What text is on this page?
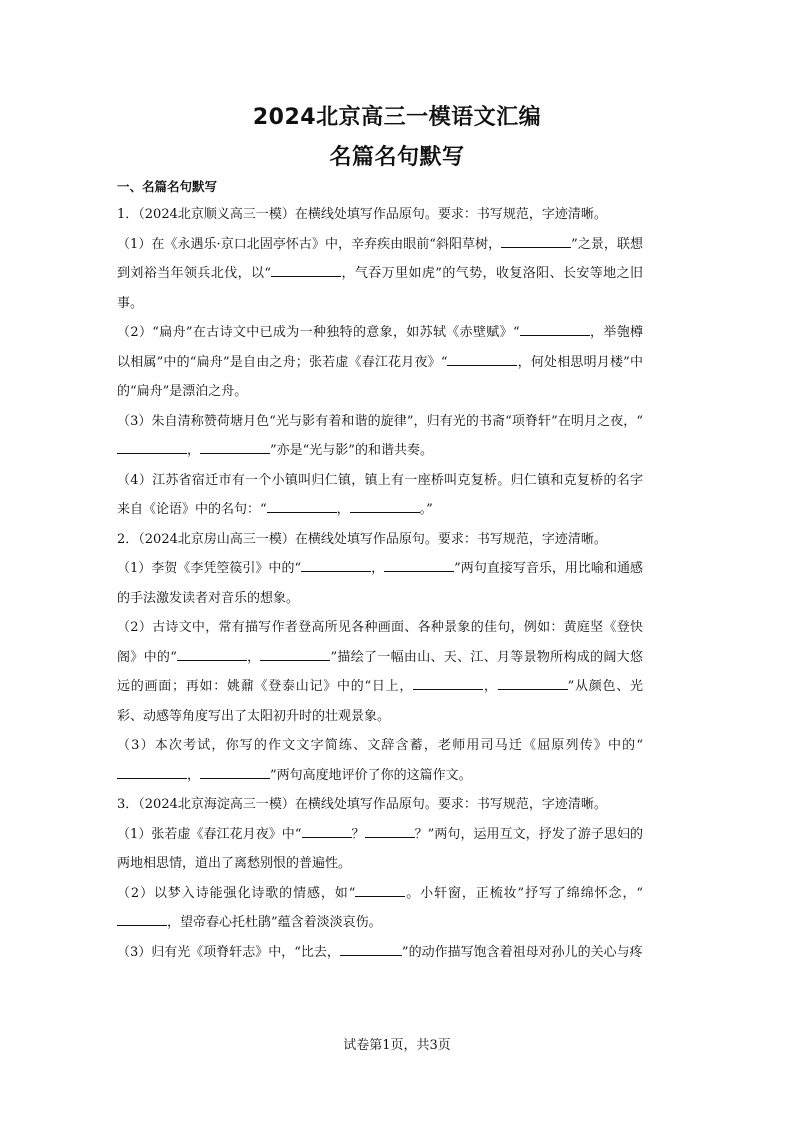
2024北京高三一模语文汇编
名篇名句默写
一、名篇名句默写

1．（2024北京顺义高三一模）在横线处填写作品原句。要求：书写规范，字迹清晰。

（1）在《永遇乐·京口北固亭怀古》中，辛弃疾由眼前“斜阳草树，	”之景，联想到刘裕当年领兵北伐，以“	，气吞万里如虎”的气势，收复洛阳、长安等地之旧事。

（2）“扁舟”在古诗文中已成为一种独特的意象，如苏轼《赤壁赋》“	，举匏樽以相属”中的“扁舟”是自由之舟；张若虚《春江花月夜》“	，何处相思明月楼”中的“扁舟”是漂泊之舟。

（3）朱自清称赞荷塘月色“光与影有着和谐的旋律”，归有光的书斋“项脊轩”在明月之夜，“，	”亦是“光与影”的和谐共奏。

（4）江苏省宿迁市有一个小镇叫归仁镇，镇上有一座桥叫克复桥。归仁镇和克复桥的名字来自《论语》中的名句：“	，	。”

2．（2024北京房山高三一模）在横线处填写作品原句。要求：书写规范，字迹清晰。

（1）李贺《李凭箜篌引》中的“	，	”两句直接写音乐，用比喻和通感的手法激发读者对音乐的想象。

（2）古诗文中，常有描写作者登高所见各种画面、各种景象的佳句，例如：黄庭坚《登快阁》中的“	，	”描绘了一幅由山、天、江、月等景物所构成的阔大悠远的画面；再如：姚鼐《登泰山记》中的“日上，	，	”从颜色、光彩、动感等角度写出了太阳初升时的壮观景象。

（3）本次考试，你写的作文文字简练、文辞含蓄，老师用司马迁《屈原列传》中的“，	”两句高度地评价了你的这篇作文。

3．（2024北京海淀高三一模）在横线处填写作品原句。要求：书写规范，字迹清晰。

（1）张若虚《春江花月夜》中“	？	？”两句，运用互文，抒发了游子思妇的两地相思情，道出了离愁别恨的普遍性。

（2）以梦入诗能强化诗歌的情感，如“	。小轩窗，正梳妆”抒写了绵绵怀念，“，望帝春心托杜鹃”蕴含着淡淡哀伤。

（3）归有光《项脊轩志》中，“比去，	”的动作描写饱含着祖母对孙儿的关心与疼

试卷第1页，共3页
